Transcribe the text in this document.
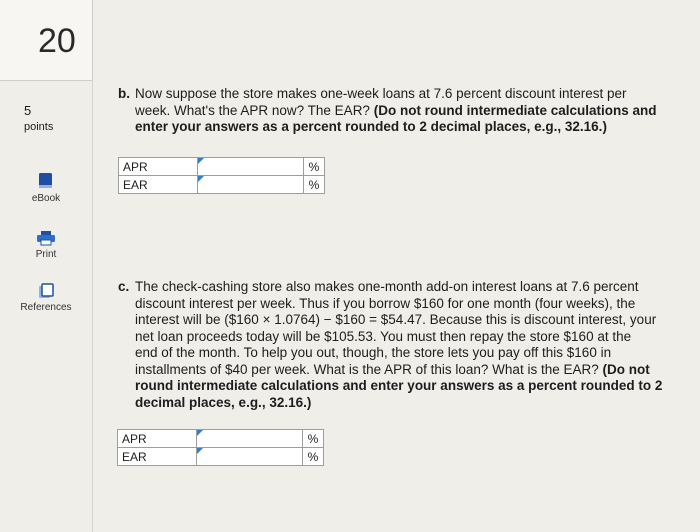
20
5
points
eBook
Print
References
b. Now suppose the store makes one-week loans at 7.6 percent discount interest per
week. What's the APR now? The EAR? (Do not round intermediate calculations and
enter your answers as a percent rounded to 2 decimal places, e.g., 32.16.)
APR		%
EAR		%
c. The check-cashing store also makes one-month add-on interest loans at 7.6 percent
discount interest per week. Thus if you borrow $160 for one month (four weeks), the
interest will be ($160 × 1.0764) − $160 = $54.47. Because this is discount interest, your
net loan proceeds today will be $105.53. You must then repay the store $160 at the
end of the month. To help you out, though, the store lets you pay off this $160 in
installments of $40 per week. What is the APR of this loan? What is the EAR? (Do not
round intermediate calculations and enter your answers as a percent rounded to 2
decimal places, e.g., 32.16.)
APR		%
EAR		%
